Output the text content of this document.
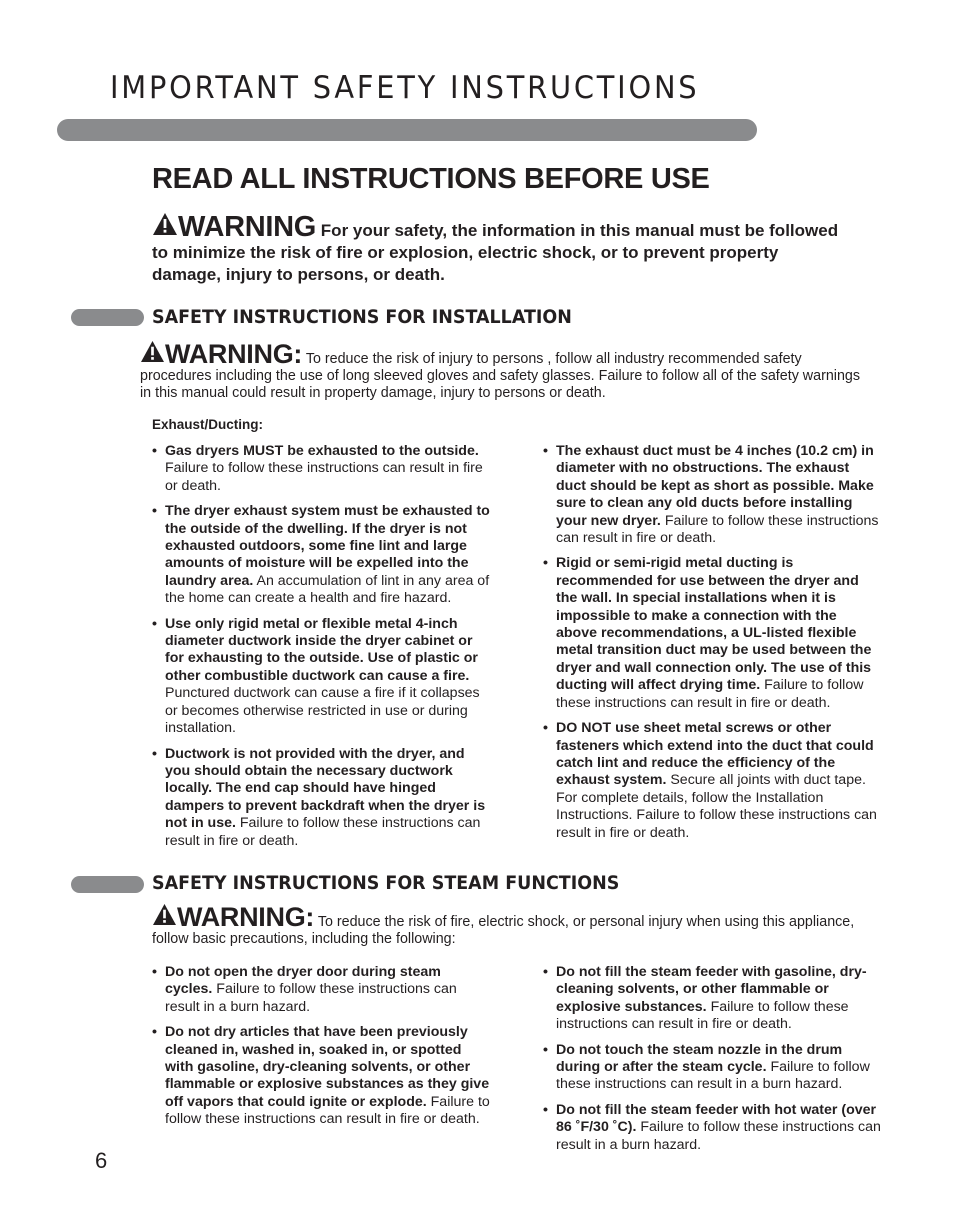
IMPORTANT SAFETY INSTRUCTIONS
READ ALL INSTRUCTIONS BEFORE USE
WARNING For your safety, the information in this manual must be followed to minimize the risk of fire or explosion, electric shock, or to prevent property damage, injury to persons, or death.
SAFETY INSTRUCTIONS FOR INSTALLATION
WARNING: To reduce the risk of injury to persons , follow all industry recommended safety procedures including the use of long sleeved gloves and safety glasses. Failure to follow all of the safety warnings in this manual could result in property damage, injury to persons or death.
Exhaust/Ducting:
• Gas dryers MUST be exhausted to the outside. Failure to follow these instructions can result in fire or death.
• The dryer exhaust system must be exhausted to the outside of the dwelling. If the dryer is not exhausted outdoors, some fine lint and large amounts of moisture will be expelled into the laundry area. An accumulation of lint in any area of the home can create a health and fire hazard.
• Use only rigid metal or flexible metal 4-inch diameter ductwork inside the dryer cabinet or for exhausting to the outside. Use of plastic or other combustible ductwork can cause a fire. Punctured ductwork can cause a fire if it collapses or becomes otherwise restricted in use or during installation.
• Ductwork is not provided with the dryer, and you should obtain the necessary ductwork locally. The end cap should have hinged dampers to prevent backdraft when the dryer is not in use. Failure to follow these instructions can result in fire or death.
• The exhaust duct must be 4 inches (10.2 cm) in diameter with no obstructions. The exhaust duct should be kept as short as possible. Make sure to clean any old ducts before installing your new dryer. Failure to follow these instructions can result in fire or death.
• Rigid or semi-rigid metal ducting is recommended for use between the dryer and the wall. In special installations when it is impossible to make a connection with the above recommendations, a UL-listed flexible metal transition duct may be used between the dryer and wall connection only. The use of this ducting will affect drying time. Failure to follow these instructions can result in fire or death.
• DO NOT use sheet metal screws or other fasteners which extend into the duct that could catch lint and reduce the efficiency of the exhaust system. Secure all joints with duct tape. For complete details, follow the Installation Instructions. Failure to follow these instructions can result in fire or death.
SAFETY INSTRUCTIONS FOR STEAM FUNCTIONS
WARNING: To reduce the risk of fire, electric shock, or personal injury when using this appliance, follow basic precautions, including the following:
• Do not open the dryer door during steam cycles. Failure to follow these instructions can result in a burn hazard.
• Do not dry articles that have been previously cleaned in, washed in, soaked in, or spotted with gasoline, dry-cleaning solvents, or other flammable or explosive substances as they give off vapors that could ignite or explode. Failure to follow these instructions can result in fire or death.
• Do not fill the steam feeder with gasoline, dry-cleaning solvents, or other flammable or explosive substances. Failure to follow these instructions can result in fire or death.
• Do not touch the steam nozzle in the drum during or after the steam cycle. Failure to follow these instructions can result in a burn hazard.
• Do not fill the steam feeder with hot water (over 86 ˚F/30 ˚C). Failure to follow these instructions can result in a burn hazard.
6
